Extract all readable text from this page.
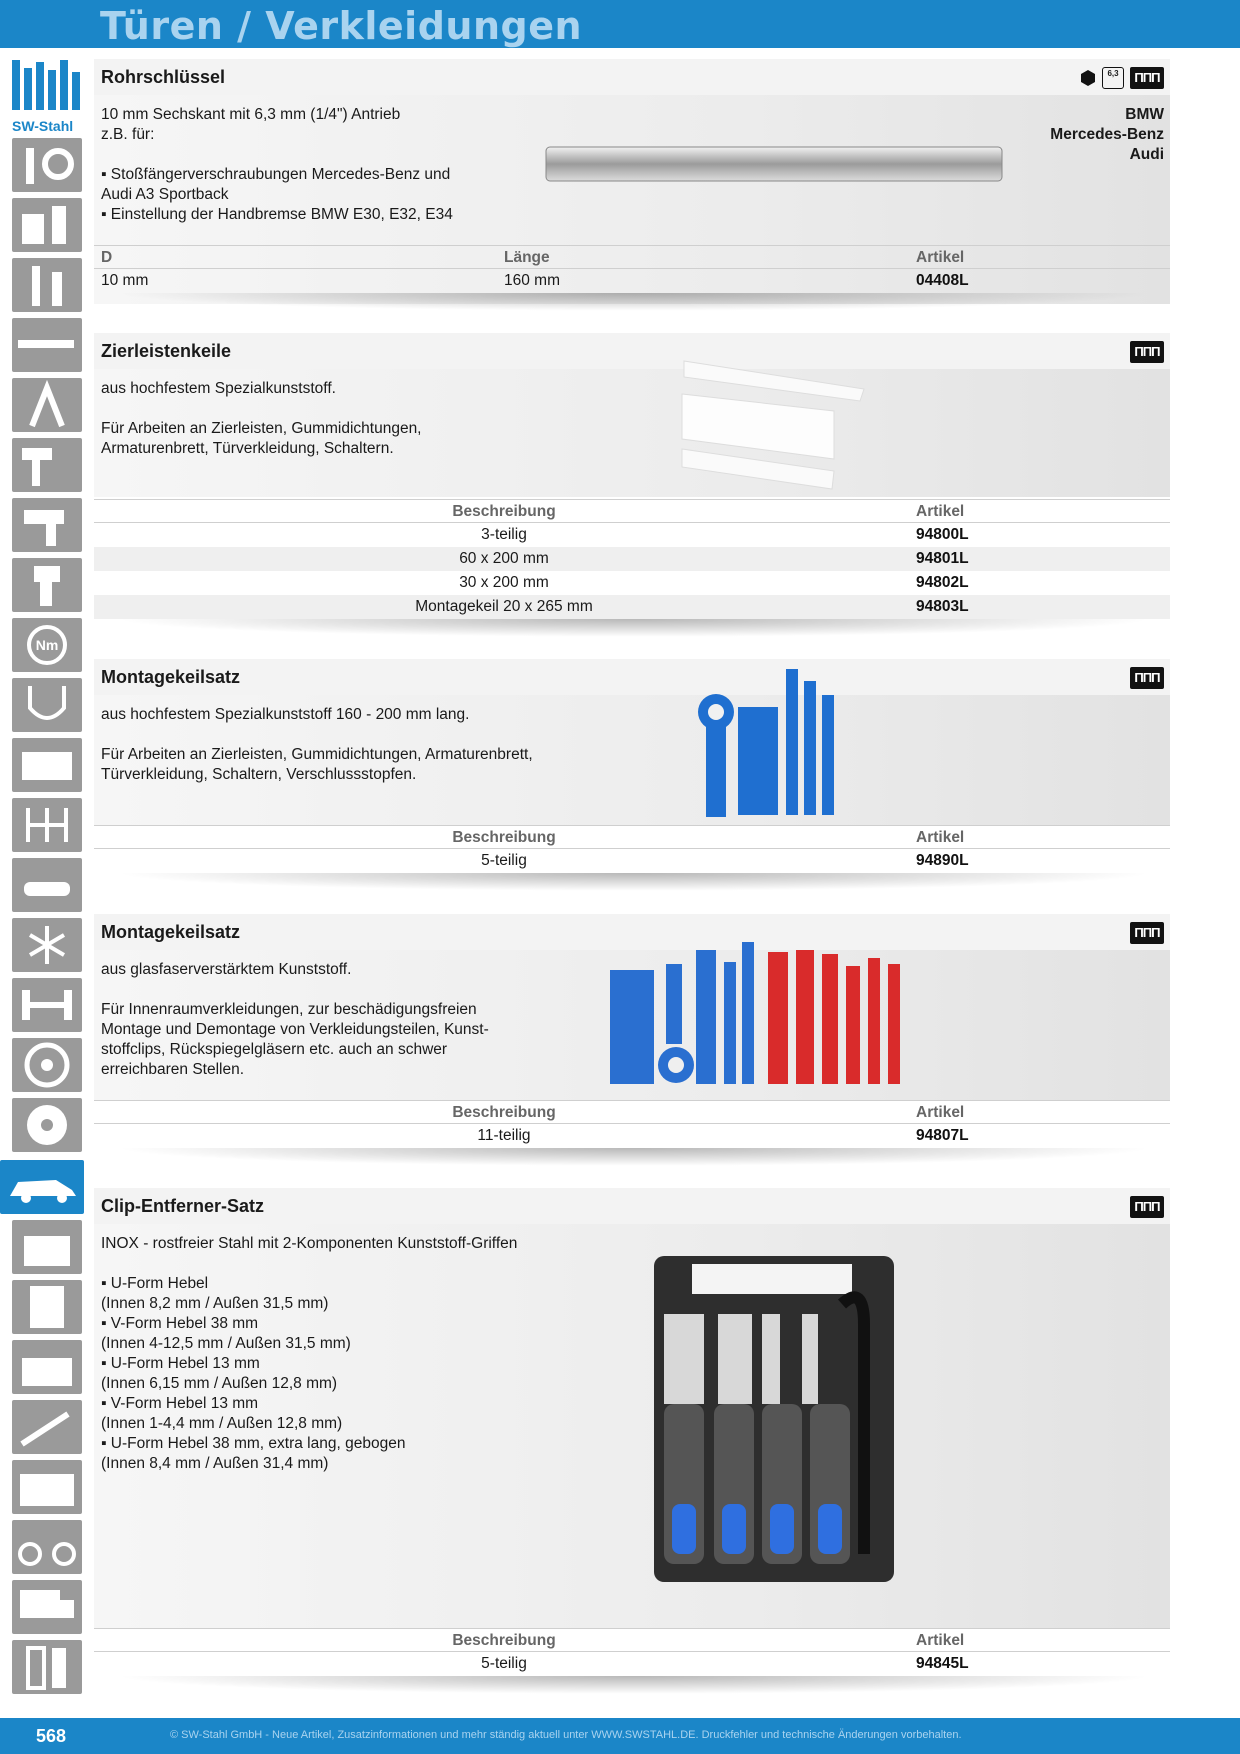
Türen / Verkleidungen
SW-Stahl
Nm
Rohrschlüssel	6,3	ΠΠΠ
10 mm Sechskant mit 6,3 mm (1/4") Antrieb
z.B. für:
▪ Stoßfängerverschraubungen Mercedes-Benz und
Audi A3 Sportback
▪ Einstellung der Handbremse BMW E30, E32, E34
BMW
Mercedes-Benz
Audi
D	Länge	Artikel
10 mm	160 mm	04408L
Zierleistenkeile	ΠΠΠ
aus hochfestem Spezialkunststoff.

Für Arbeiten an Zierleisten, Gummidichtungen,
Armaturenbrett, Türverkleidung, Schaltern.
Beschreibung	Artikel
3-teilig	94800L
60 x 200 mm	94801L
30 x 200 mm	94802L
Montagekeil 20 x 265 mm	94803L
Montagekeilsatz	ΠΠΠ
aus hochfestem Spezialkunststoff 160 - 200 mm lang.

Für Arbeiten an Zierleisten, Gummidichtungen, Armaturenbrett,
Türverkleidung, Schaltern, Verschlussstopfen.
Beschreibung	Artikel
5-teilig	94890L
Montagekeilsatz	ΠΠΠ
aus glasfaserverstärktem Kunststoff.

Für Innenraumverkleidungen, zur beschädigungsfreien
Montage und Demontage von Verkleidungsteilen, Kunst-
stoffclips, Rückspiegelgläsern etc. auch an schwer
erreichbaren Stellen.
Beschreibung	Artikel
11-teilig	94807L
Clip-Entferner-Satz	ΠΠΠ
INOX - rostfreier Stahl mit 2-Komponenten Kunststoff-Griffen
▪ U-Form Hebel
(Innen 8,2 mm / Außen 31,5 mm)
▪ V-Form Hebel 38 mm
(Innen 4-12,5 mm / Außen 31,5 mm)
▪ U-Form Hebel 13 mm
(Innen 6,15 mm / Außen 12,8 mm)
▪ V-Form Hebel 13 mm
(Innen 1-4,4 mm / Außen 12,8 mm)
▪ U-Form Hebel 38 mm, extra lang, gebogen
(Innen 8,4 mm / Außen 31,4 mm)
Beschreibung	Artikel
5-teilig	94845L
568	© SW-Stahl GmbH - Neue Artikel, Zusatzinformationen und mehr ständig aktuell unter WWW.SWSTAHL.DE. Druckfehler und technische Änderungen vorbehalten.
